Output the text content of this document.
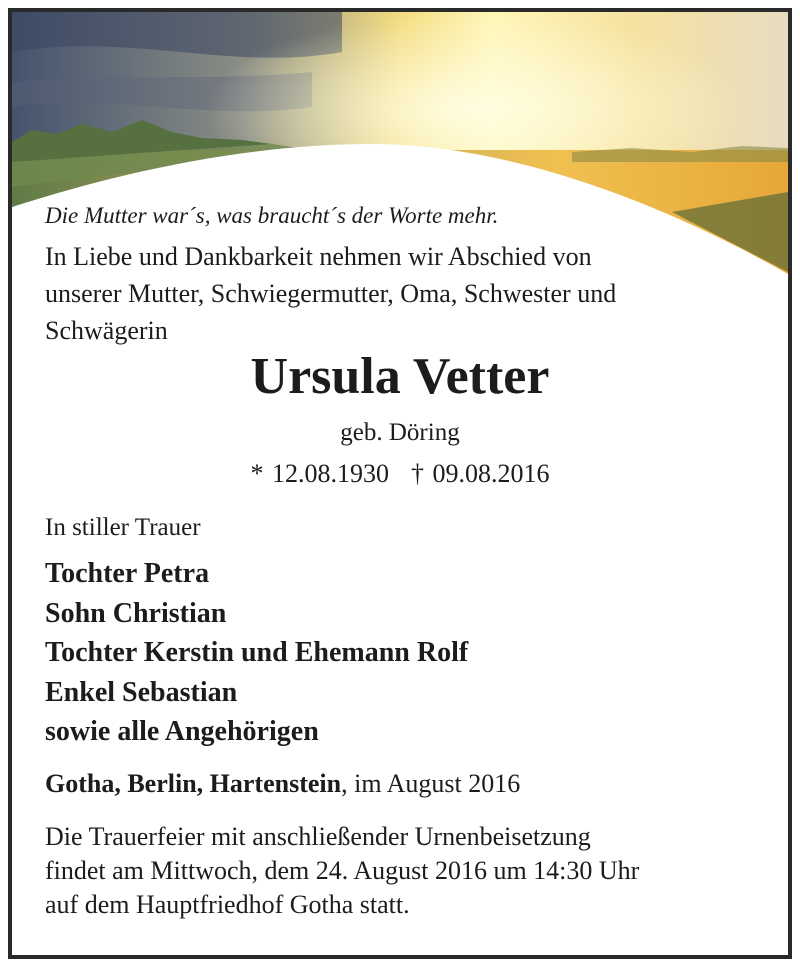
Die Mutter war´s, was braucht´s der Worte mehr.
In Liebe und Dankbarkeit nehmen wir Abschied von
unserer Mutter, Schwiegermutter, Oma, Schwester und
Schwägerin
Ursula Vetter
geb. Döring
* 12.08.1930 † 09.08.2016
In stiller Trauer
Tochter Petra
Sohn Christian
Tochter Kerstin und Ehemann Rolf
Enkel Sebastian
sowie alle Angehörigen
Gotha, Berlin, Hartenstein, im August 2016
Die Trauerfeier mit anschließender Urnenbeisetzung
findet am Mittwoch, dem 24. August 2016 um 14:30 Uhr
auf dem Hauptfriedhof Gotha statt.
